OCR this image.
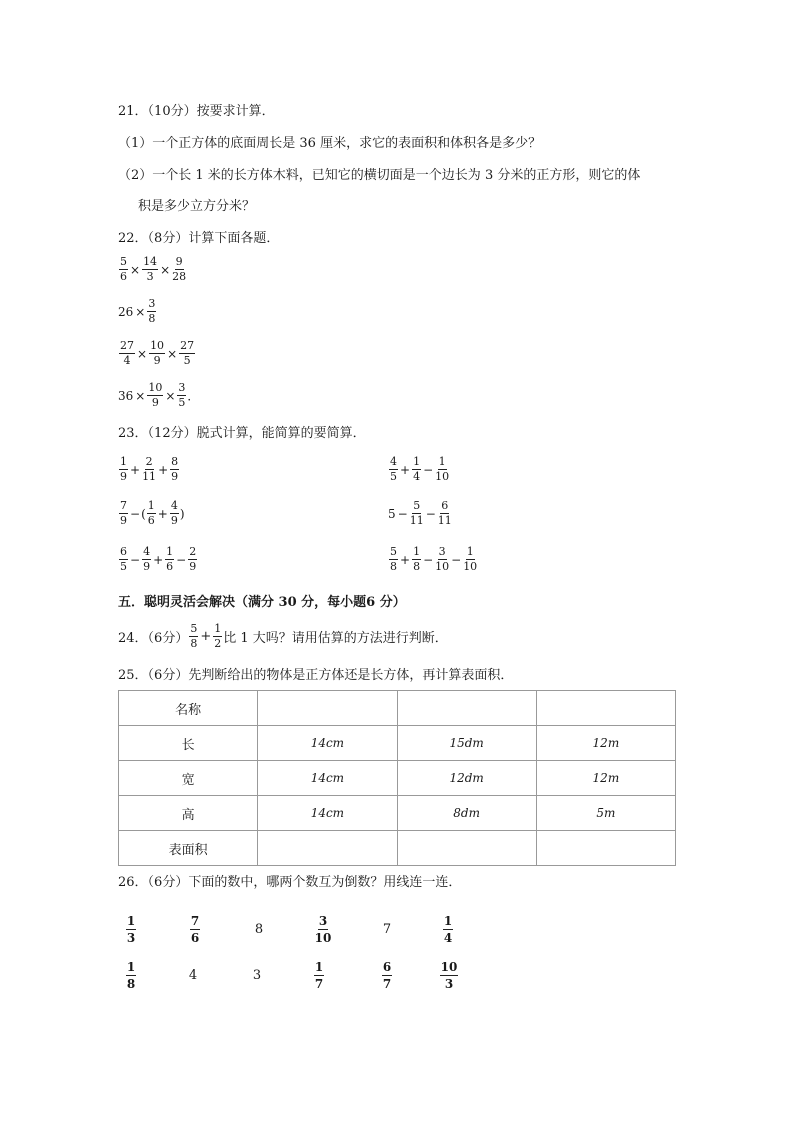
21．（10分）按要求计算．
（1）一个正方体的底面周长是 36 厘米，求它的表面积和体积各是多少？
（2）一个长 1 米的长方体木料，已知它的横切面是一个边长为 3 分米的正方形，则它的体
积是多少立方分米？
22．（8分）计算下面各题．
$\frac{5}{6} \times \frac{14}{3} \times \frac{9}{28}$
$26 \times \frac{3}{8}$
$\frac{27}{4} \times \frac{10}{9} \times \frac{27}{5}$
$36 \times \frac{10}{9} \times \frac{3}{5}$ ．
23．（12分）脱式计算，能简算的要简算．
$\frac{1}{9} + \frac{2}{11} + \frac{8}{9}$
$\frac{7}{9}$ − ( $\frac{1}{6} + \frac{4}{9}$ )
$\frac{6}{5} - \frac{4}{9} + \frac{1}{6} - \frac{2}{9}$
$\frac{4}{5} + \frac{1}{4} - \frac{1}{10}$
$5 - \frac{5}{11} - \frac{6}{11}$
$\frac{5}{8} + \frac{1}{8} - \frac{3}{10} - \frac{1}{10}$
五．聪明灵活会解决（满分 30 分，每小题6 分）
24．（6分） $\frac{5}{8} + \frac{1}{2}$ 比 1 大吗？请用估算的方法进行判断．
25．（6分）先判断给出的物体是正方体还是长方体，再计算表面积．
名称			
长	14cm	15dm	12m
宽	14cm	12dm	12m
高	14cm	8dm	5m
表面积			
26．（6分）下面的数中，哪两个数互为倒数？用线连一连．
$\frac{1}{3}$	$\frac{7}{6}$	8	$\frac{3}{10}$	7	$\frac{1}{4}$
$\frac{1}{8}$	4	3	$\frac{1}{7}$	$\frac{6}{7}$	$\frac{10}{3}$
